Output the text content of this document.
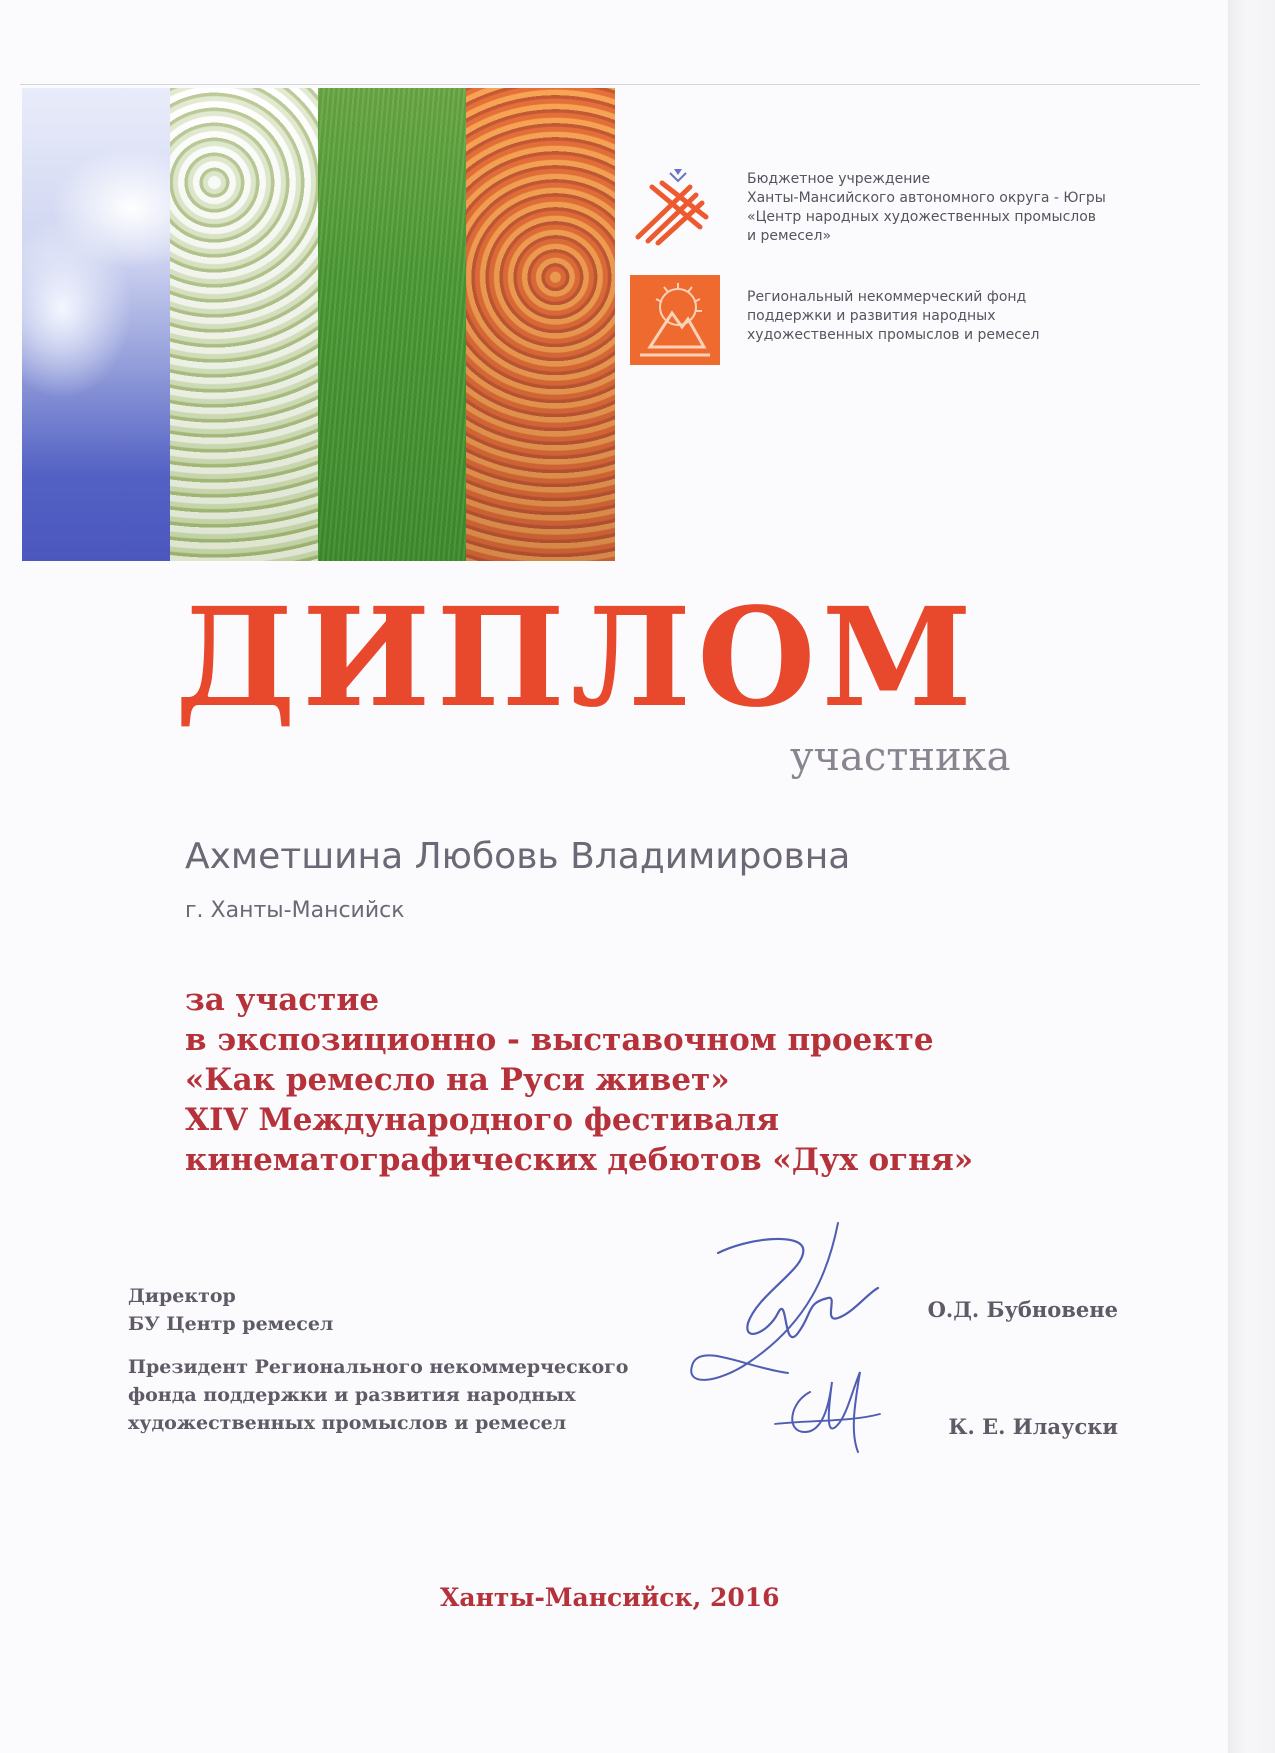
Бюджетное учреждение
Ханты-Мансийского автономного округа - Югры
«Центр народных художественных промыслов
и ремесел»
Региональный некоммерческий фонд
поддержки и развития народных
художественных промыслов и ремесел
ДИПЛОМ
участника
Ахметшина Любовь Владимировна
г. Ханты-Мансийск
за участие
в экспозиционно - выставочном проекте
«Как ремесло на Руси живет»
XIV Международного фестиваля
кинематографических дебютов «Дух огня»
Директор
БУ Центр ремесел
О.Д. Бубновене
Президент Регионального некоммерческого
фонда поддержки и развития народных
художественных промыслов и ремесел	К. Е. Илауски
Ханты-Мансийск, 2016
